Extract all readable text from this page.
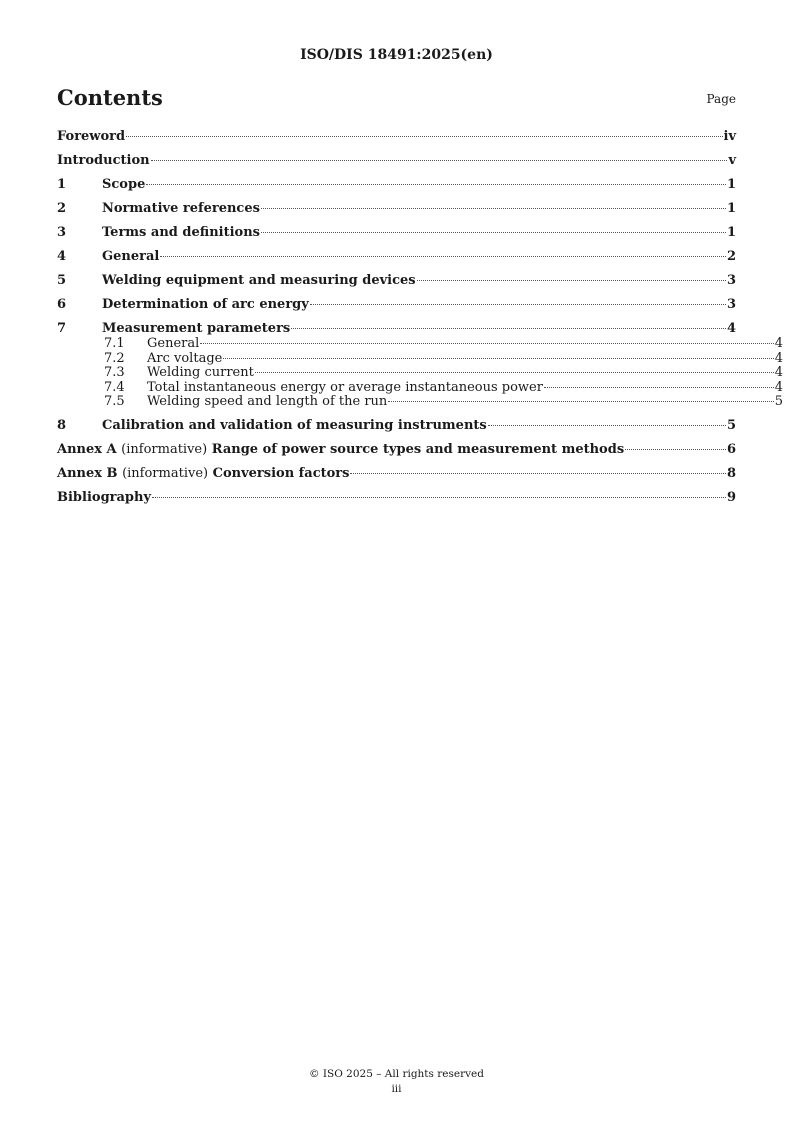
ISO/DIS 18491:2025(en)
Contents	Page
Foreword	iv
Introduction	v
1	Scope	1
2	Normative references	1
3	Terms and definitions	1
4	General	2
5	Welding equipment and measuring devices	3
6	Determination of arc energy	3
7	Measurement parameters	4
7.1	General	4
7.2	Arc voltage	4
7.3	Welding current	4
7.4	Total instantaneous energy or average instantaneous power	4
7.5	Welding speed and length of the run	5
8	Calibration and validation of measuring instruments	5
Annex A (informative) Range of power source types and measurement methods	6
Annex B (informative) Conversion factors	8
Bibliography	9
© ISO 2025 – All rights reserved
iii
